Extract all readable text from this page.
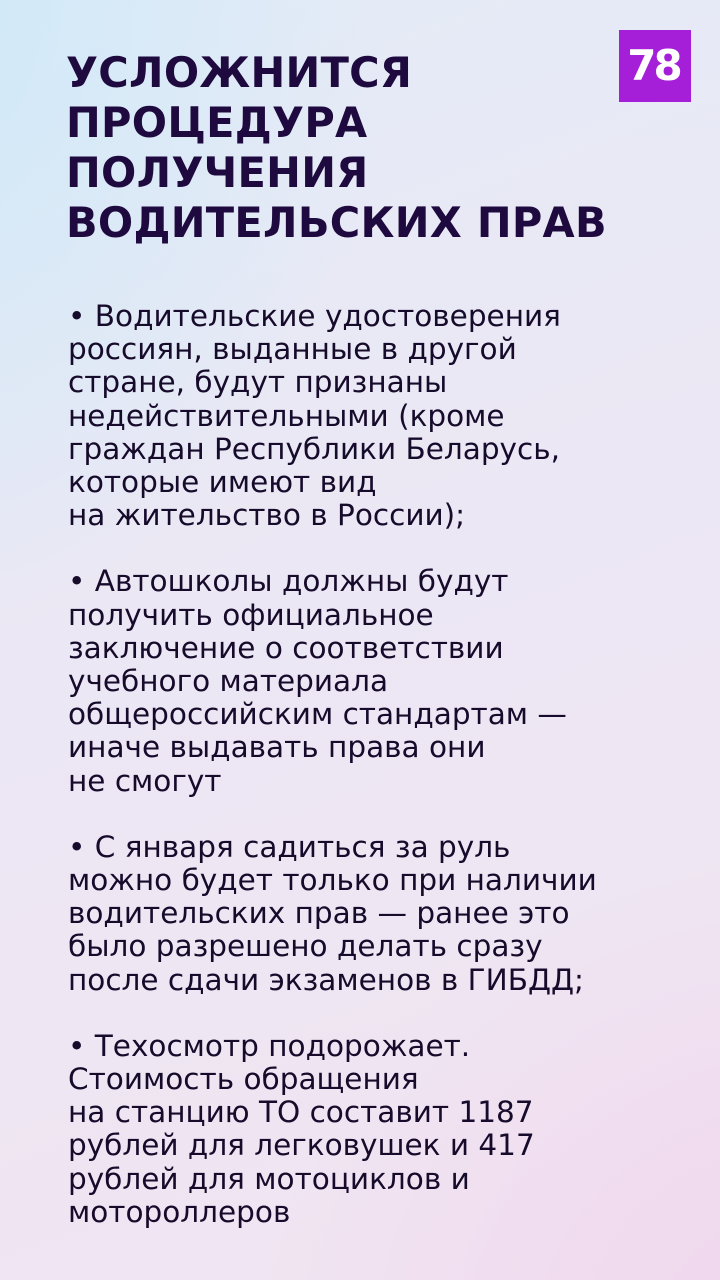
УСЛОЖНИТСЯ
ПРОЦЕДУРА
ПОЛУЧЕНИЯ
ВОДИТЕЛЬСКИХ ПРАВ
78

• Водительские удостоверения
россиян, выданные в другой
стране, будут признаны
недействительными (кроме
граждан Республики Беларусь,
которые имеют вид
на жительство в России);

• Автошколы должны будут
получить официальное
заключение о соответствии
учебного материала
общероссийским стандартам —
иначе выдавать права они
не смогут

• С января садиться за руль
можно будет только при наличии
водительских прав — ранее это
было разрешено делать сразу
после сдачи экзаменов в ГИБДД;

• Техосмотр подорожает.
Стоимость обращения
на станцию ТО составит 1187
рублей для легковушек и 417
рублей для мотоциклов и
мотороллеров
